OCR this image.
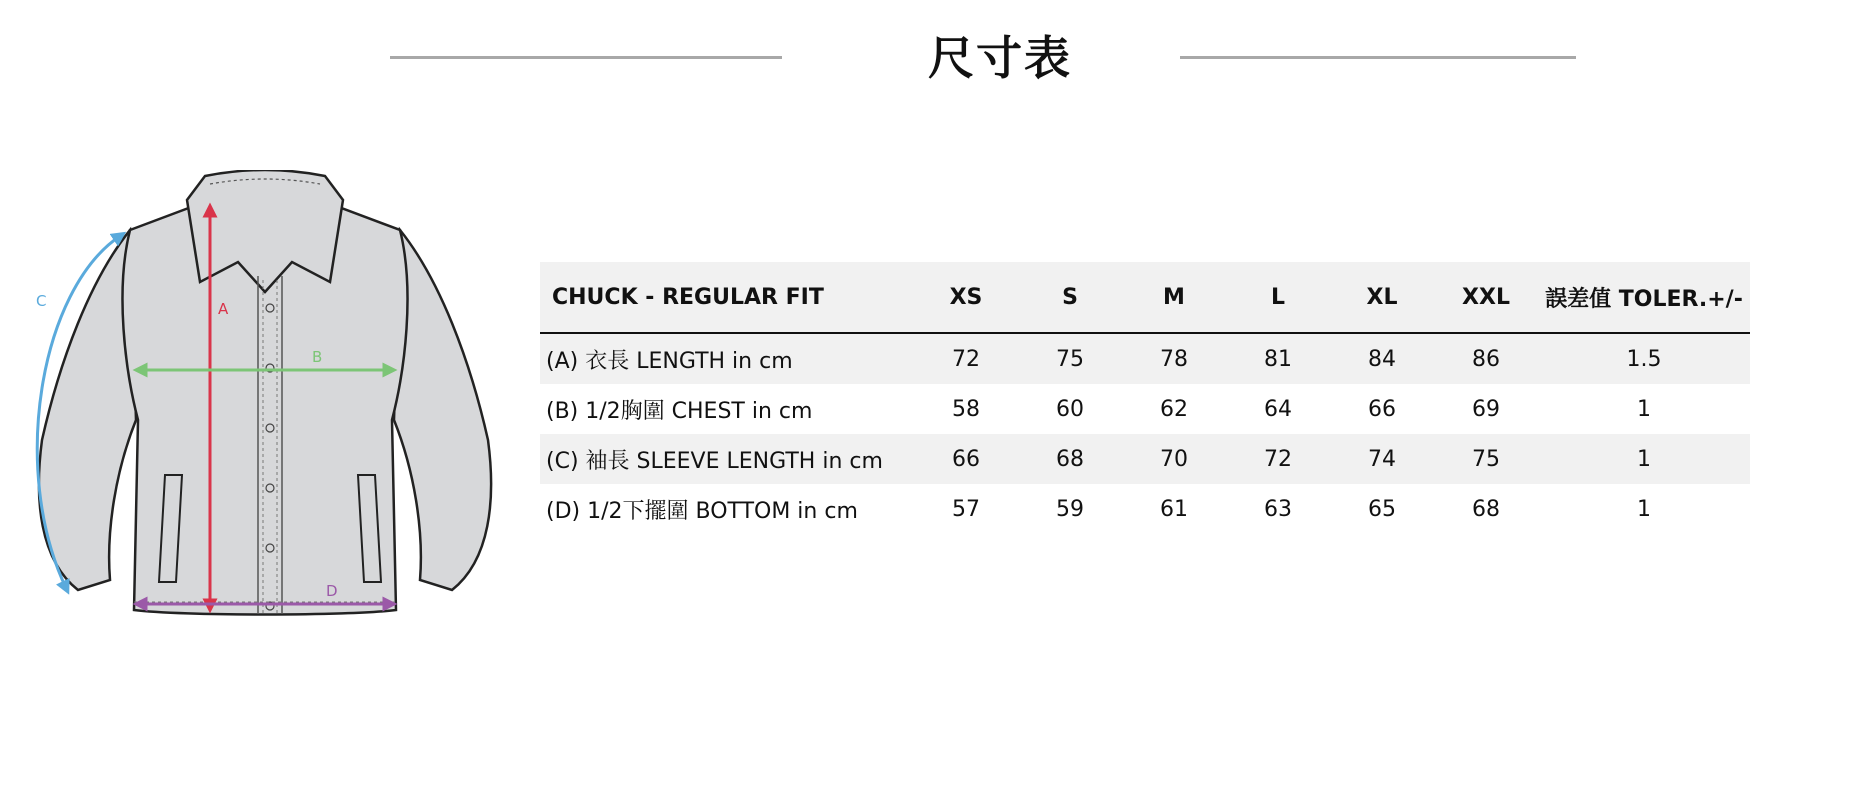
尺寸表
A
B
C
D
CHUCK - REGULAR FIT	XS	S	M	L	XL	XXL	誤差值 TOLER.+/-
(A) 衣長 LENGTH in cm	72	75	78	81	84	86	1.5
(B) 1/2胸圍 CHEST in cm	58	60	62	64	66	69	1
(C) 袖長 SLEEVE LENGTH in cm	66	68	70	72	74	75	1
(D) 1/2下擺圍 BOTTOM in cm	57	59	61	63	65	68	1
